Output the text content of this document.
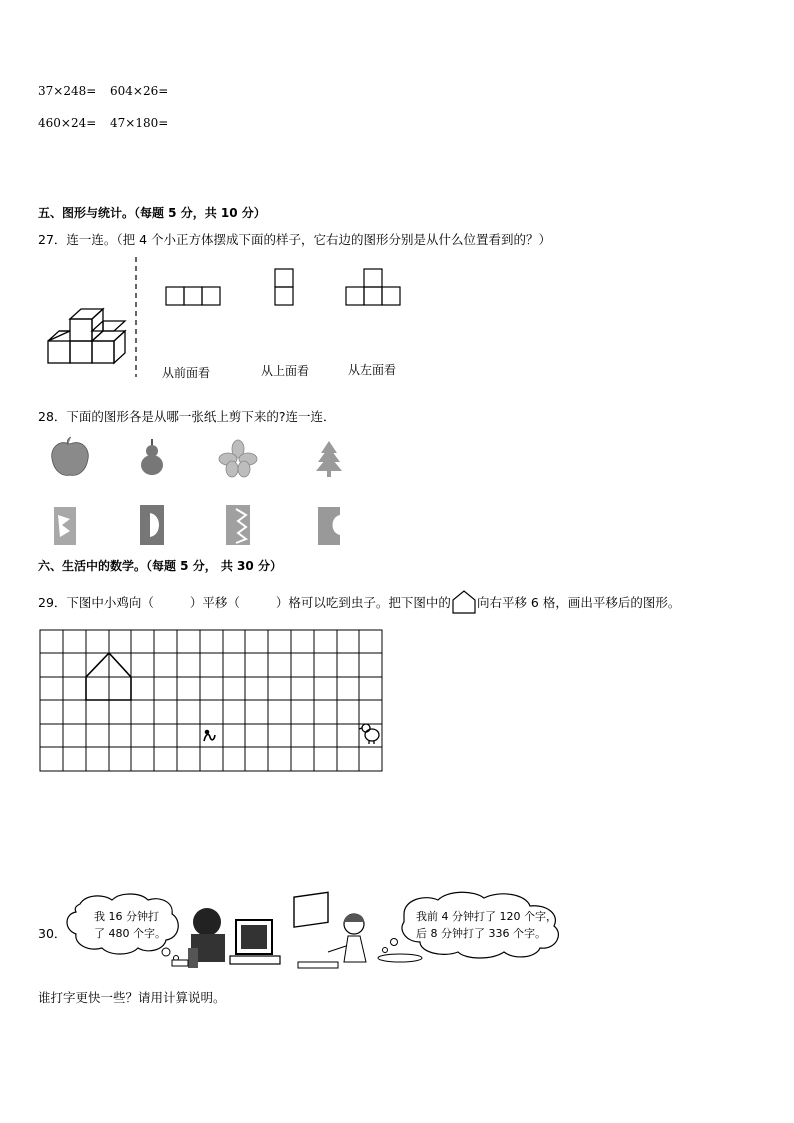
37×248= 604×26=
460×24= 47×180=
五、图形与统计。（每题 5 分，共 10 分）
27．连一连。（把 4 个小正方体摆成下面的样子，它右边的图形分别是从什么位置看到的？）
从前面看	从上面看	从左面看
28．下面的图形各是从哪一张纸上剪下来的?连一连．
六、生活中的数学。（每题 5 分， 共 30 分）
29．下图中小鸡向（	）平移（	）格可以吃到虫子。把下图中的 向右平移 6 格，画出平移后的图形。
30．
我 16 分钟打
了 480 个字。
我前 4 分钟打了 120 个字，
后 8 分钟打了 336 个字。
谁打字更快一些？请用计算说明。
